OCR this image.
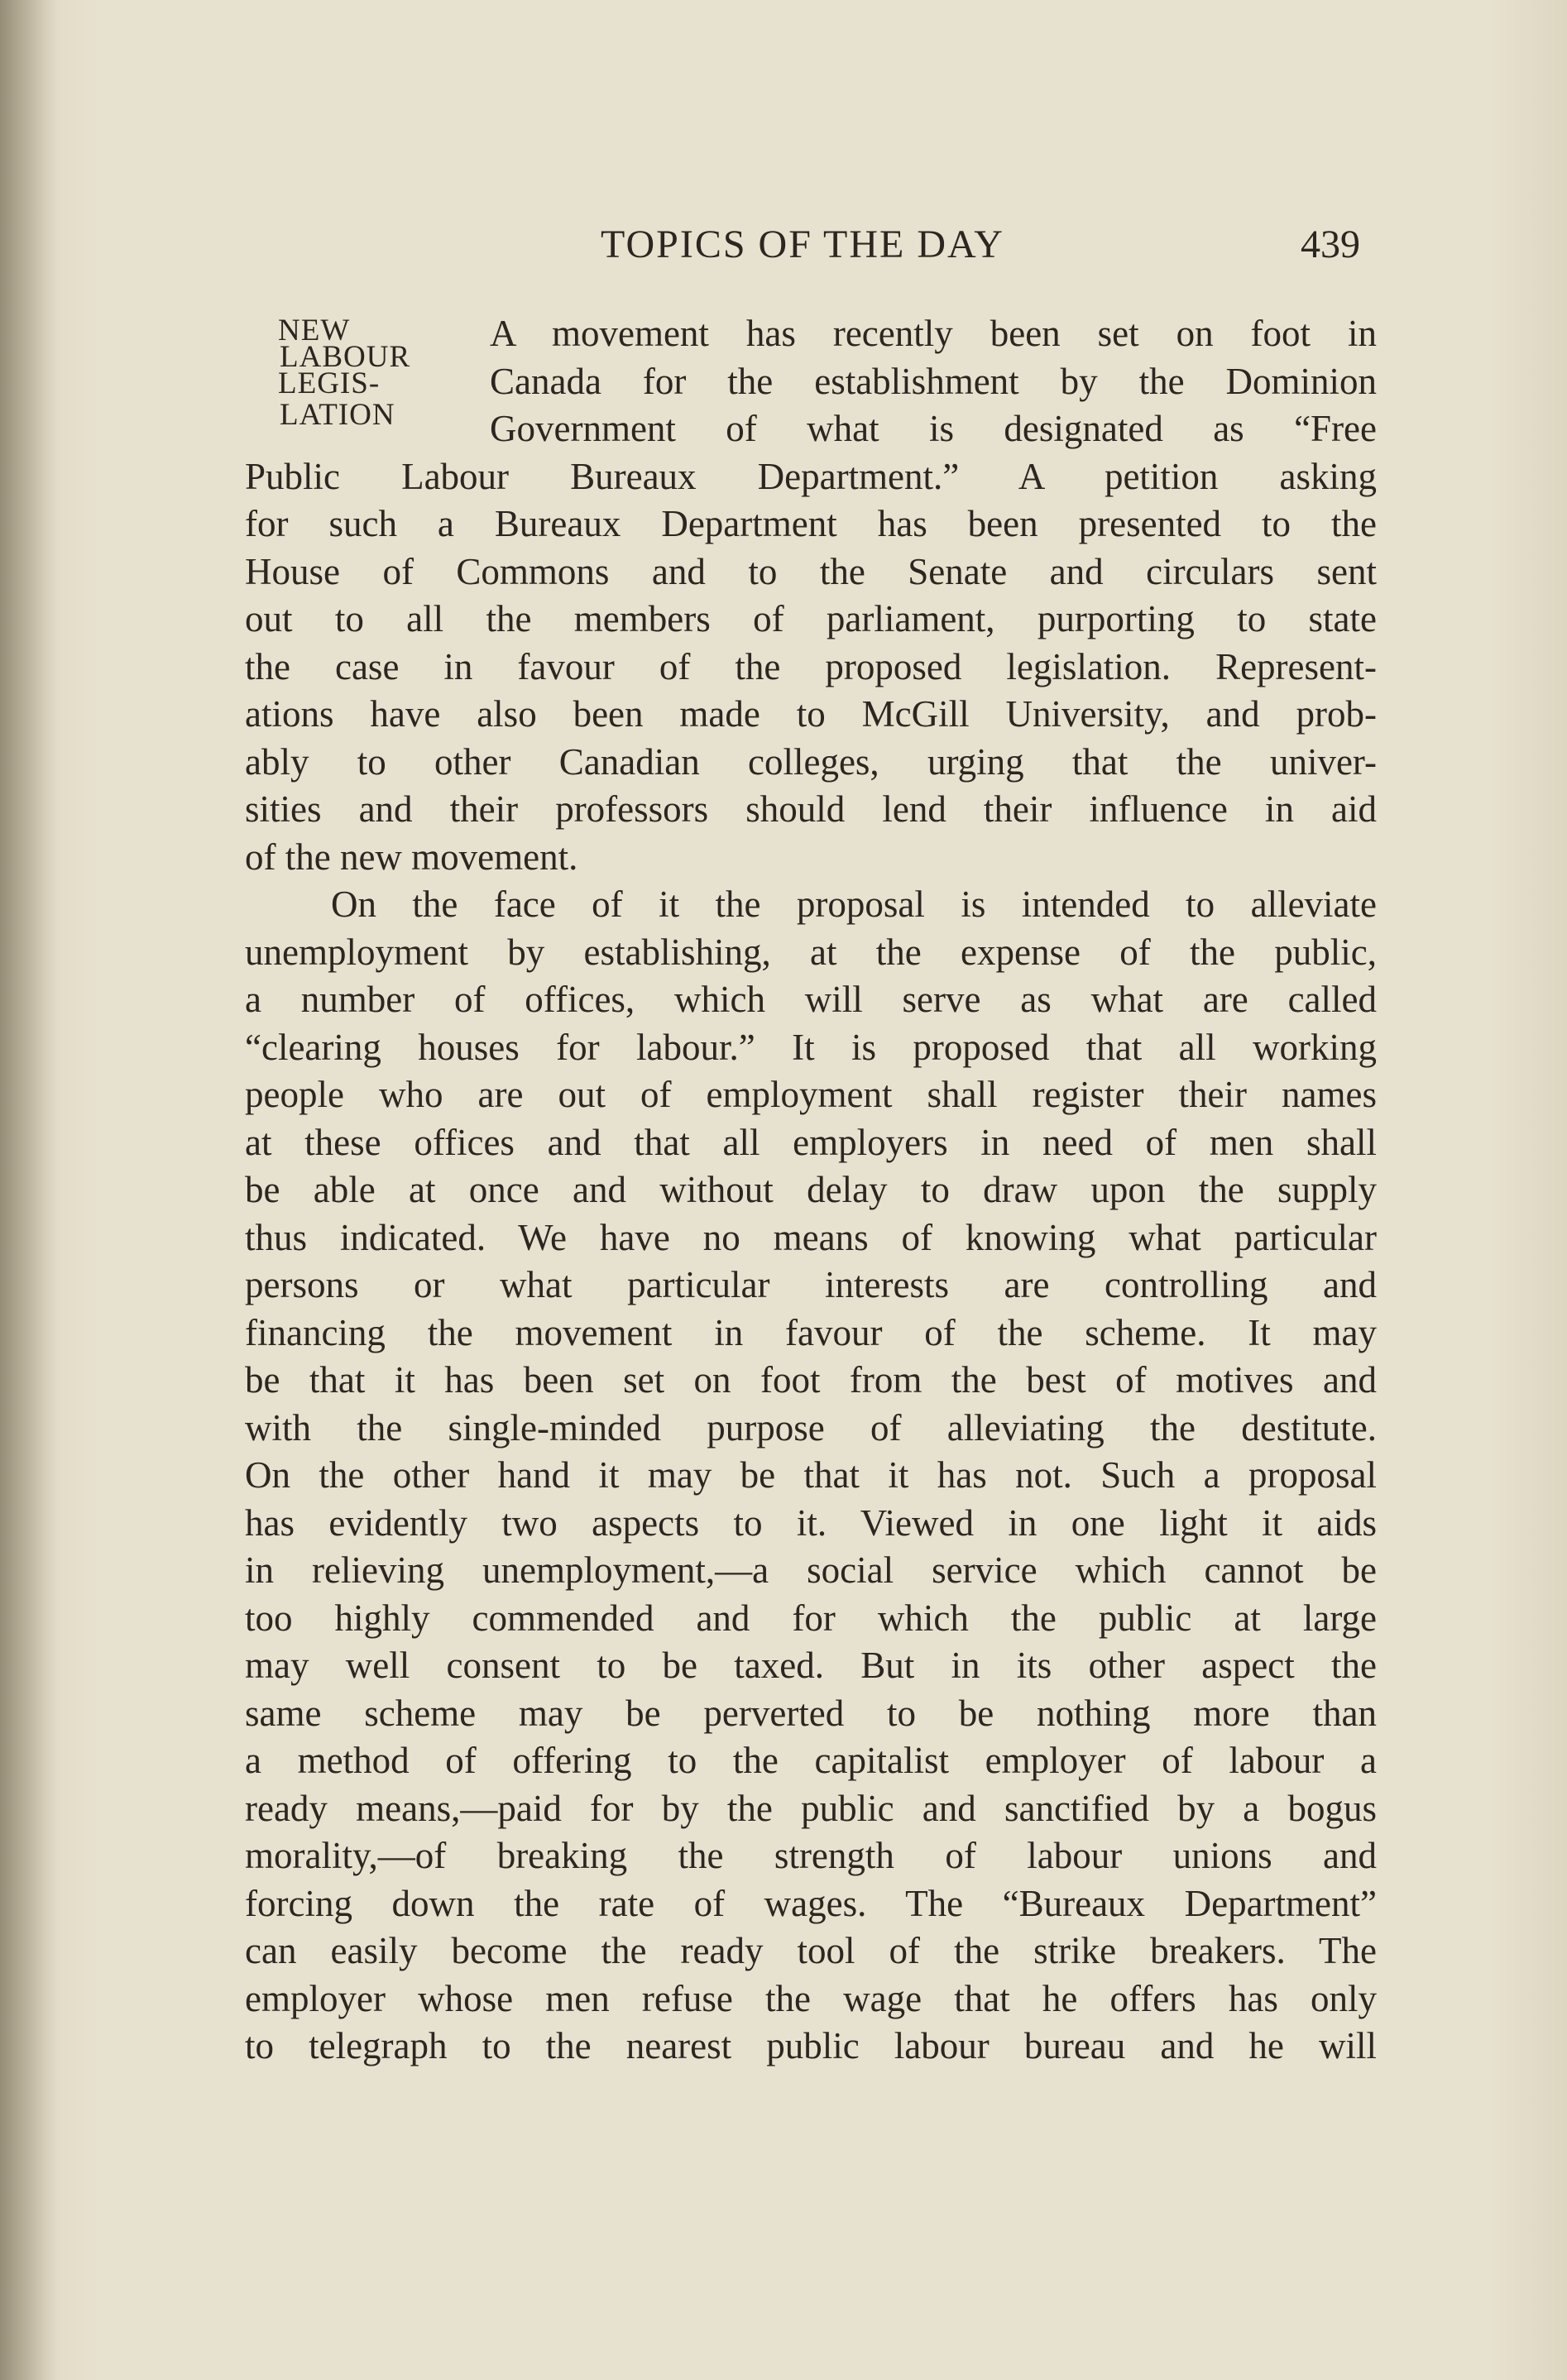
TOPICS OF THE DAY	439
NEW
LABOUR
LEGIS-
LATION
A movement has recently been set on foot in
Canada for the establishment by the Dominion
Government of what is designated as “Free
Public Labour Bureaux Department.” A petition asking
for such a Bureaux Department has been presented to the
House of Commons and to the Senate and circulars sent
out to all the members of parliament, purporting to state
the case in favour of the proposed legislation. Represent-
ations have also been made to McGill University, and prob-
ably to other Canadian colleges, urging that the univer-
sities and their professors should lend their influence in aid
of the new movement.
On the face of it the proposal is intended to alleviate
unemployment by establishing, at the expense of the public,
a number of offices, which will serve as what are called
“clearing houses for labour.” It is proposed that all working
people who are out of employment shall register their names
at these offices and that all employers in need of men shall
be able at once and without delay to draw upon the supply
thus indicated. We have no means of knowing what particular
persons or what particular interests are controlling and
financing the movement in favour of the scheme. It may
be that it has been set on foot from the best of motives and
with the single-minded purpose of alleviating the destitute.
On the other hand it may be that it has not. Such a proposal
has evidently two aspects to it. Viewed in one light it aids
in relieving unemployment,—a social service which cannot be
too highly commended and for which the public at large
may well consent to be taxed. But in its other aspect the
same scheme may be perverted to be nothing more than
a method of offering to the capitalist employer of labour a
ready means,—paid for by the public and sanctified by a bogus
morality,—of breaking the strength of labour unions and
forcing down the rate of wages. The “Bureaux Department”
can easily become the ready tool of the strike breakers. The
employer whose men refuse the wage that he offers has only
to telegraph to the nearest public labour bureau and he will
